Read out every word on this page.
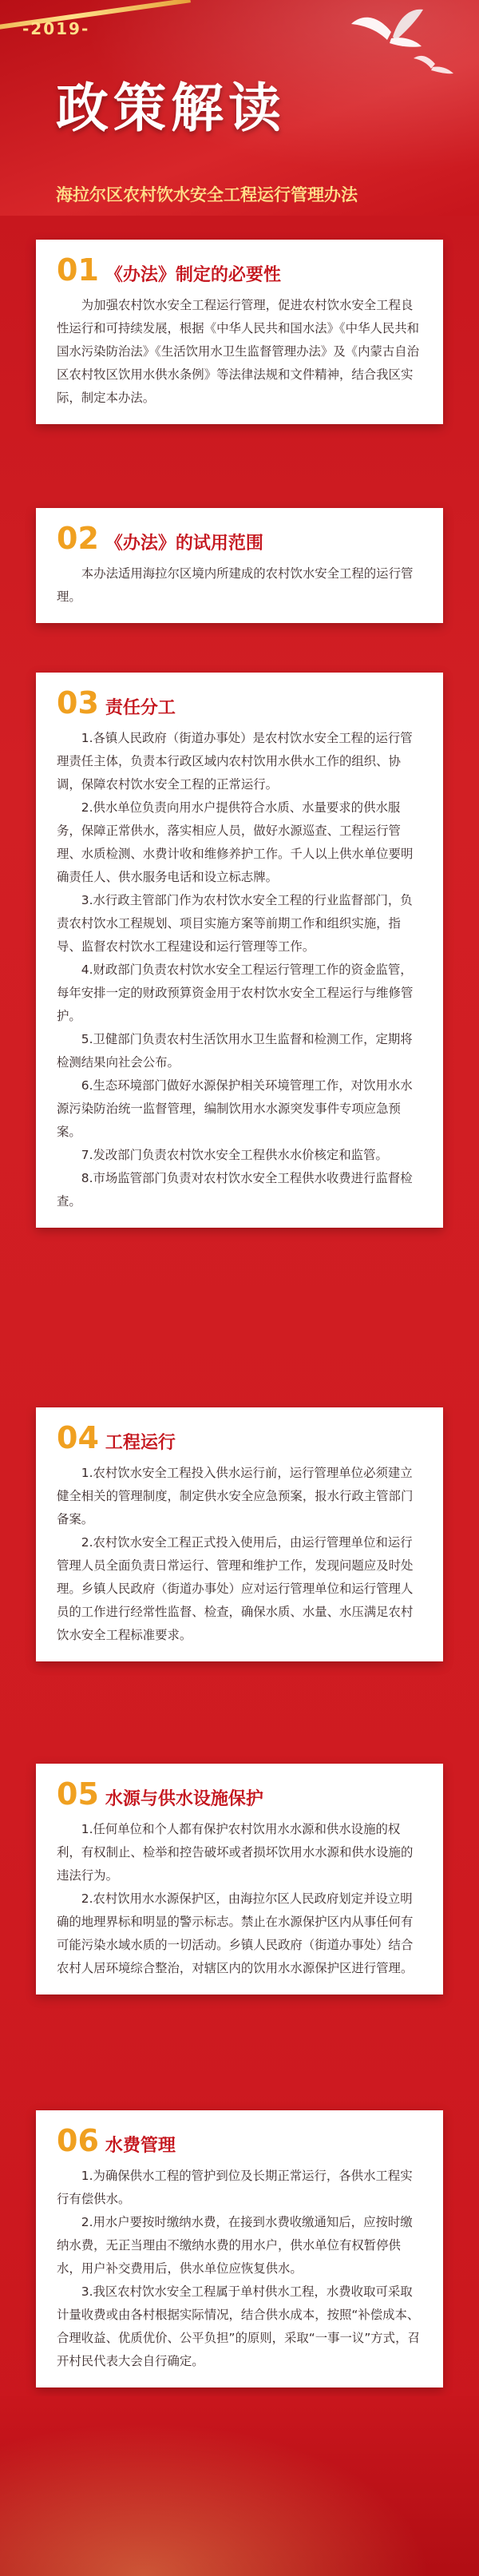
-2019-
政策解读
海拉尔区农村饮水安全工程运行管理办法
01 《办法》制定的必要性

为加强农村饮水安全工程运行管理，促进农村饮水安全工程良性运行和可持续发展，根据《中华人民共和国水法》《中华人民共和国水污染防治法》《生活饮用水卫生监督管理办法》及《内蒙古自治区农村牧区饮用水供水条例》等法律法规和文件精神，结合我区实际，制定本办法。

02 《办法》的试用范围

本办法适用海拉尔区境内所建成的农村饮水安全工程的运行管理。

03 责任分工

1.各镇人民政府（街道办事处）是农村饮水安全工程的运行管理责任主体，负责本行政区域内农村饮用水供水工作的组织、协调，保障农村饮水安全工程的正常运行。

2.供水单位负责向用水户提供符合水质、水量要求的供水服务，保障正常供水，落实相应人员，做好水源巡查、工程运行管理、水质检测、水费计收和维修养护工作。千人以上供水单位要明确责任人、供水服务电话和设立标志牌。

3.水行政主管部门作为农村饮水安全工程的行业监督部门，负责农村饮水工程规划、项目实施方案等前期工作和组织实施，指导、监督农村饮水工程建设和运行管理等工作。

4.财政部门负责农村饮水安全工程运行管理工作的资金监管，每年安排一定的财政预算资金用于农村饮水安全工程运行与维修管护。

5.卫健部门负责农村生活饮用水卫生监督和检测工作，定期将检测结果向社会公布。

6.生态环境部门做好水源保护相关环境管理工作，对饮用水水源污染防治统一监督管理，编制饮用水水源突发事件专项应急预案。

7.发改部门负责农村饮水安全工程供水水价核定和监管。

8.市场监管部门负责对农村饮水安全工程供水收费进行监督检查。

04 工程运行

1.农村饮水安全工程投入供水运行前，运行管理单位必须建立健全相关的管理制度，制定供水安全应急预案，报水行政主管部门备案。

2.农村饮水安全工程正式投入使用后，由运行管理单位和运行管理人员全面负责日常运行、管理和维护工作，发现问题应及时处理。乡镇人民政府（街道办事处）应对运行管理单位和运行管理人员的工作进行经常性监督、检查，确保水质、水量、水压满足农村饮水安全工程标准要求。

05 水源与供水设施保护

1.任何单位和个人都有保护农村饮用水水源和供水设施的权利，有权制止、检举和控告破坏或者损坏饮用水水源和供水设施的违法行为。

2.农村饮用水水源保护区，由海拉尔区人民政府划定并设立明确的地理界标和明显的警示标志。禁止在水源保护区内从事任何有可能污染水域水质的一切活动。乡镇人民政府（街道办事处）结合农村人居环境综合整治，对辖区内的饮用水水源保护区进行管理。

06 水费管理

1.为确保供水工程的管护到位及长期正常运行，各供水工程实行有偿供水。

2.用水户要按时缴纳水费，在接到水费收缴通知后，应按时缴纳水费，无正当理由不缴纳水费的用水户，供水单位有权暂停供水，用户补交费用后，供水单位应恢复供水。

3.我区农村饮水安全工程属于单村供水工程，水费收取可采取计量收费或由各村根据实际情况，结合供水成本，按照“补偿成本、合理收益、优质优价、公平负担”的原则，采取“一事一议”方式，召开村民代表大会自行确定。
